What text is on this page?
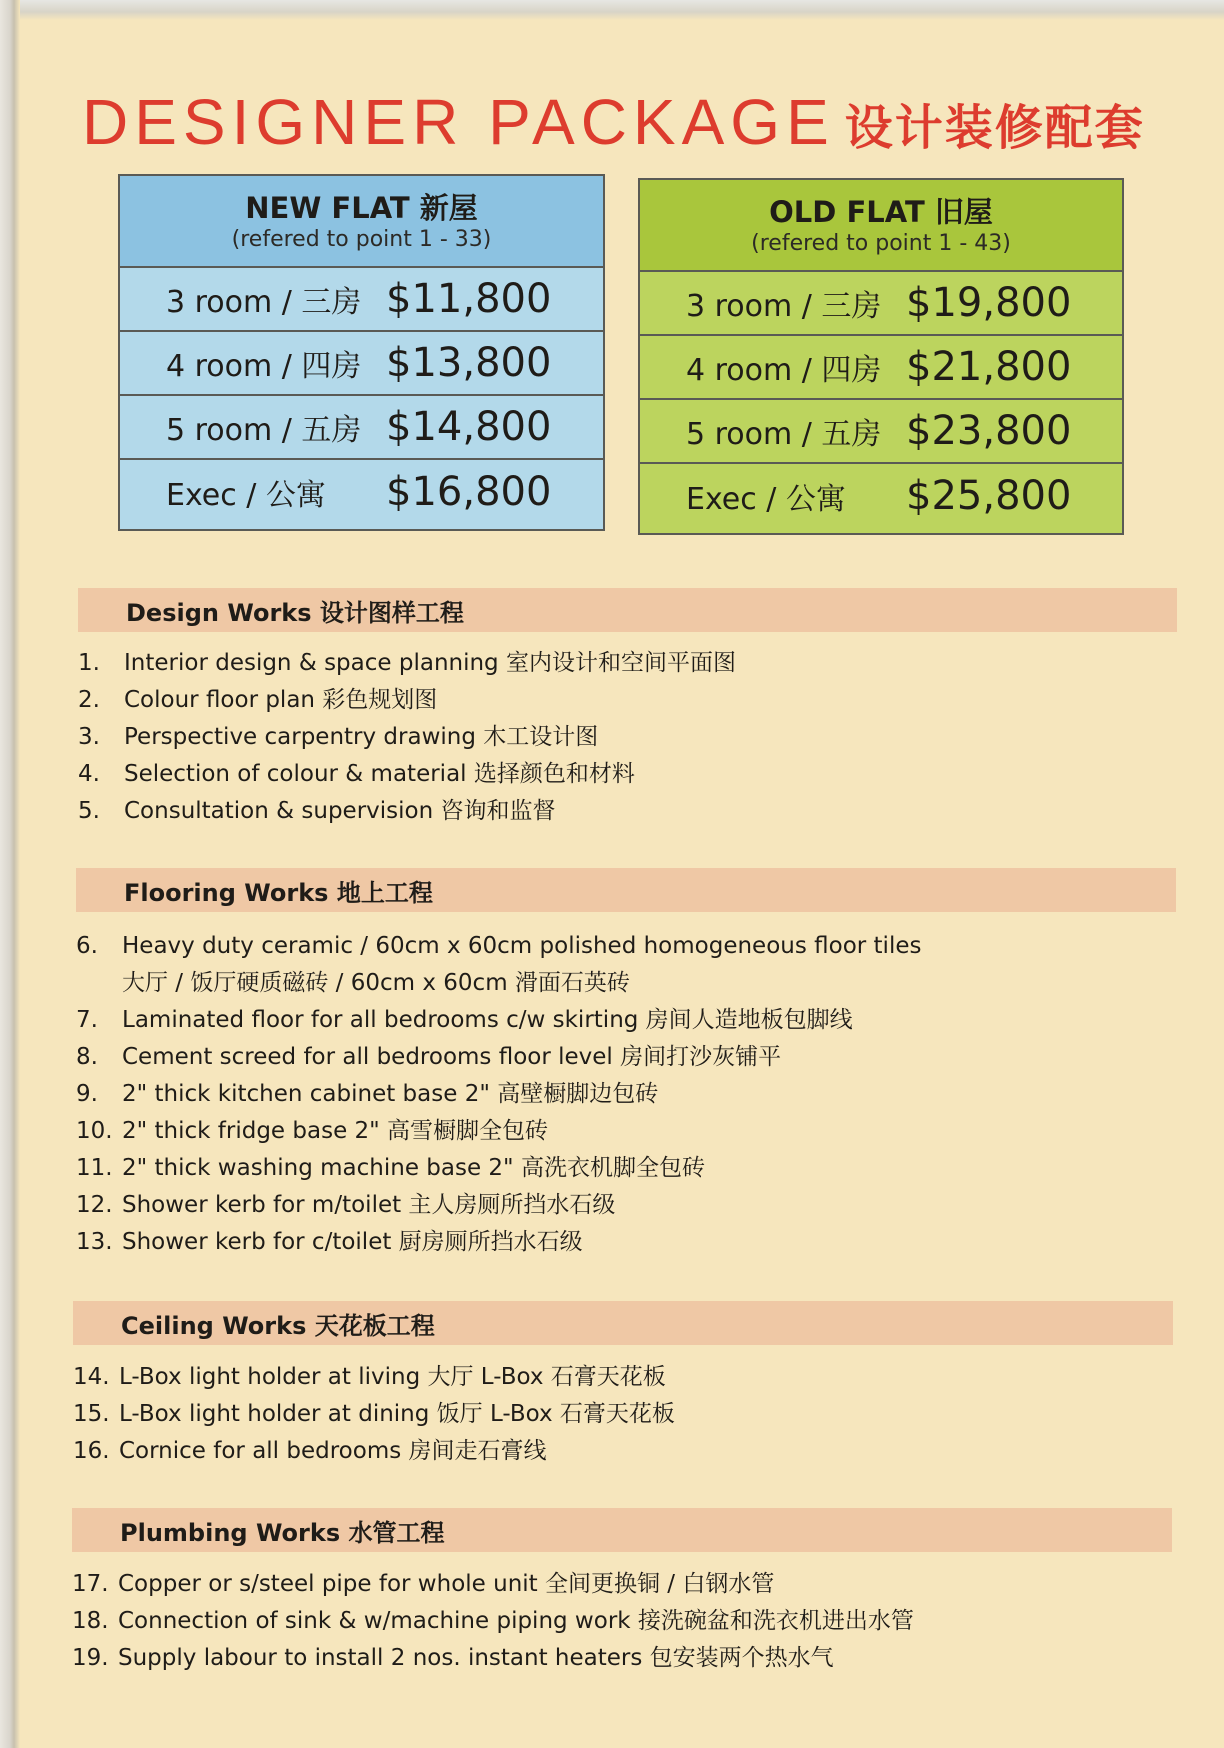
DESIGNER PACKAGE 设计装修配套
NEW FLAT 新屋
(refered to point 1 - 33)
3 room / 三房 $11,800
4 room / 四房 $13,800
5 room / 五房 $14,800
Exec / 公寓	$16,800
OLD FLAT 旧屋
(refered to point 1 - 43)
3 room / 三房 $19,800
4 room / 四房 $21,800
5 room / 五房 $23,800
Exec / 公寓	$25,800
Design Works 设计图样工程
1. Interior design & space planning 室内设计和空间平面图
2. Colour floor plan 彩色规划图
3. Perspective carpentry drawing 木工设计图
4. Selection of colour & material 选择颜色和材料
5. Consultation & supervision 咨询和监督
Flooring Works 地上工程
6. Heavy duty ceramic / 60cm x 60cm polished homogeneous floor tiles
大厅 / 饭厅硬质磁砖 / 60cm x 60cm 滑面石英砖
7. Laminated floor for all bedrooms c/w skirting 房间人造地板包脚线
8. Cement screed for all bedrooms floor level 房间打沙灰铺平
9. 2" thick kitchen cabinet base 2" 高壁橱脚边包砖
10. 2" thick fridge base 2" 高雪橱脚全包砖
11. 2" thick washing machine base 2" 高洗衣机脚全包砖
12. Shower kerb for m/toilet 主人房厕所挡水石级
13. Shower kerb for c/toilet 厨房厕所挡水石级
Ceiling Works 天花板工程
14. L-Box light holder at living 大厅 L-Box 石膏天花板
15. L-Box light holder at dining 饭厅 L-Box 石膏天花板
16. Cornice for all bedrooms 房间走石膏线
Plumbing Works 水管工程
17. Copper or s/steel pipe for whole unit 全间更换铜 / 白钢水管
18. Connection of sink & w/machine piping work 接洗碗盆和洗衣机进出水管
19. Supply labour to install 2 nos. instant heaters 包安装两个热水气
